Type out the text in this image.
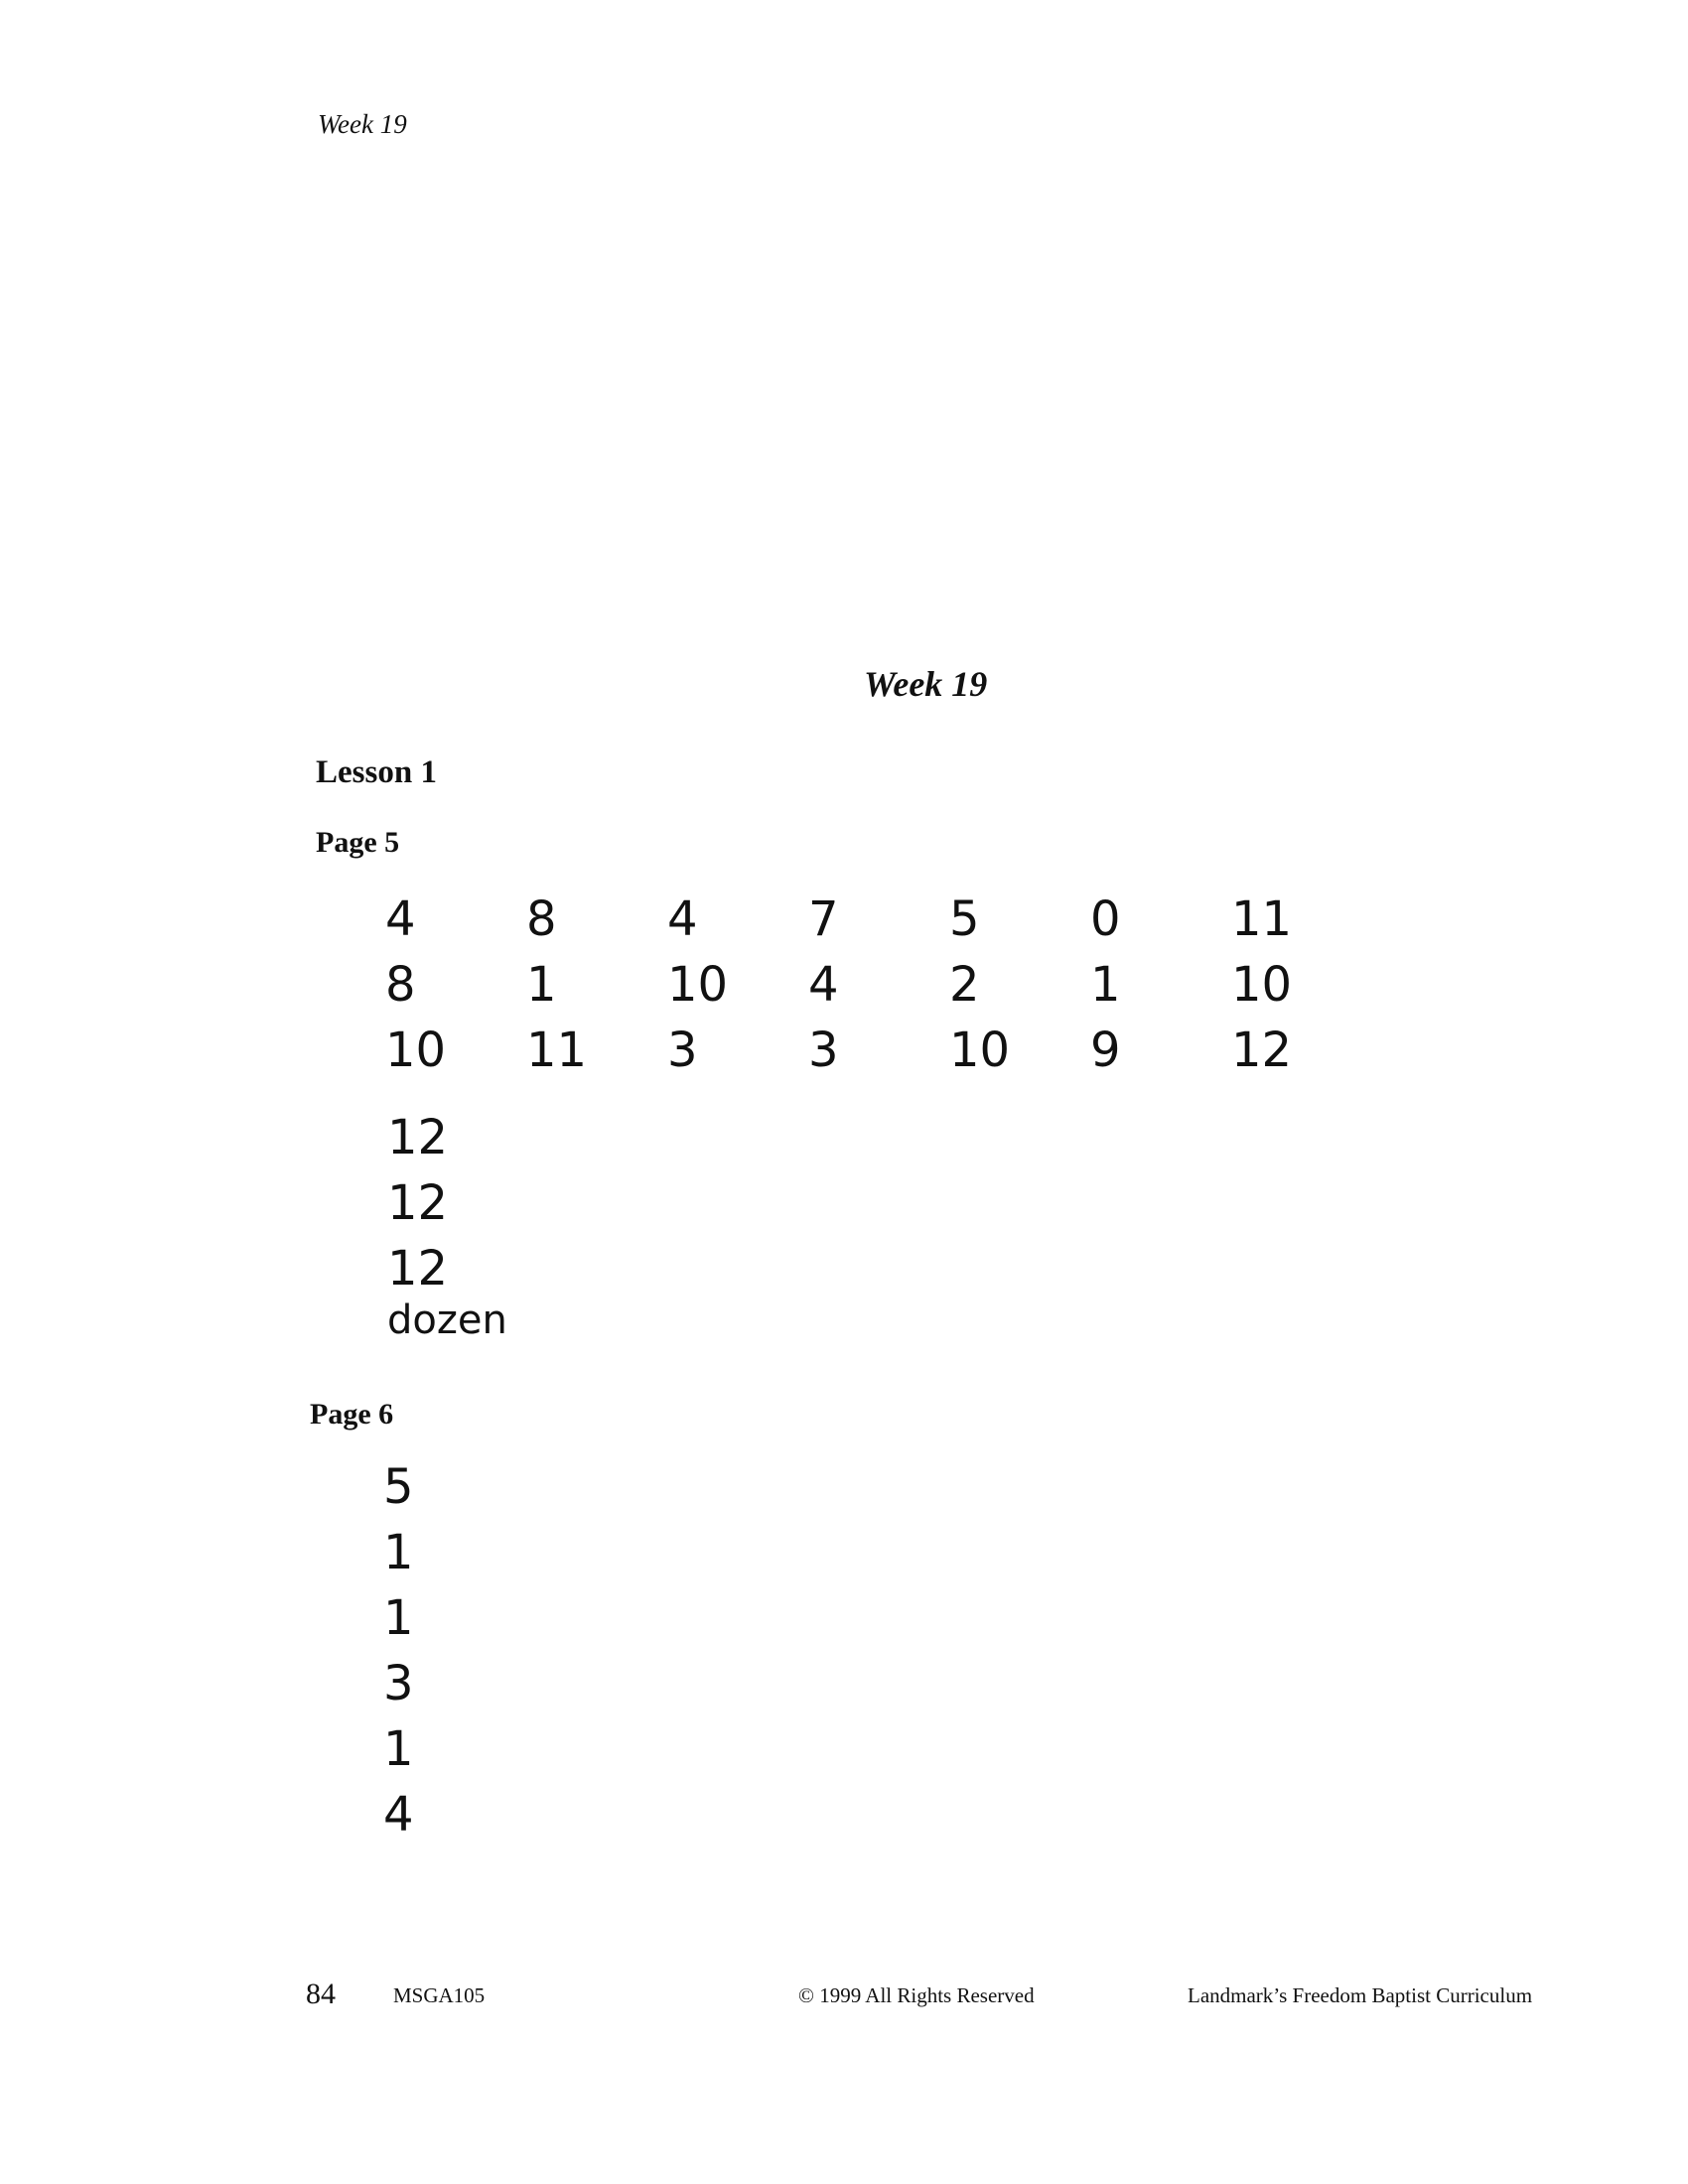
Week 19
Week 19
Lesson 1
Page 5
4	8	4	7	5	0	11
8	1	10	4	2	1	10
10	11	3	3	10	9	12
12
12
12
dozen
Page 6
5
1
1
3
1
4
84	MSGA105	© 1999 All Rights Reserved	Landmark’s Freedom Baptist Curriculum
